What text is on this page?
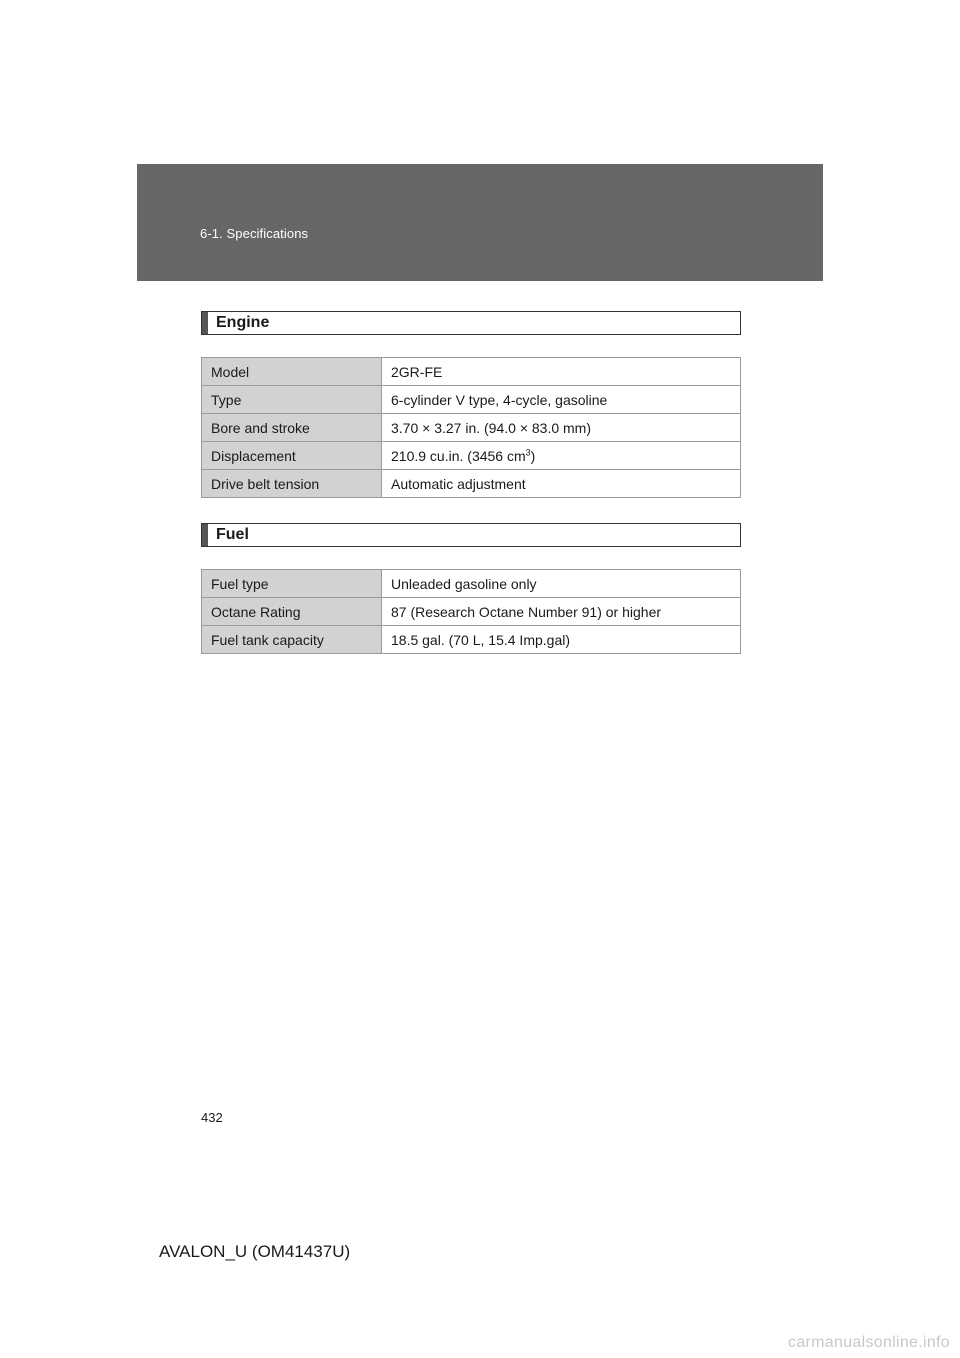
6-1. Specifications
Engine
Model	2GR-FE
Type	6-cylinder V type, 4-cycle, gasoline
Bore and stroke	3.70 × 3.27 in. (94.0 × 83.0 mm)
Displacement	210.9 cu.in. (3456 $cm^3$)
Drive belt tension	Automatic adjustment
Fuel
Fuel type	Unleaded gasoline only
Octane Rating	87 (Research Octane Number 91) or higher
Fuel tank capacity	18.5 gal. (70 L, 15.4 Imp.gal)
432
AVALON_U (OM41437U)
carmanualsonline.info
